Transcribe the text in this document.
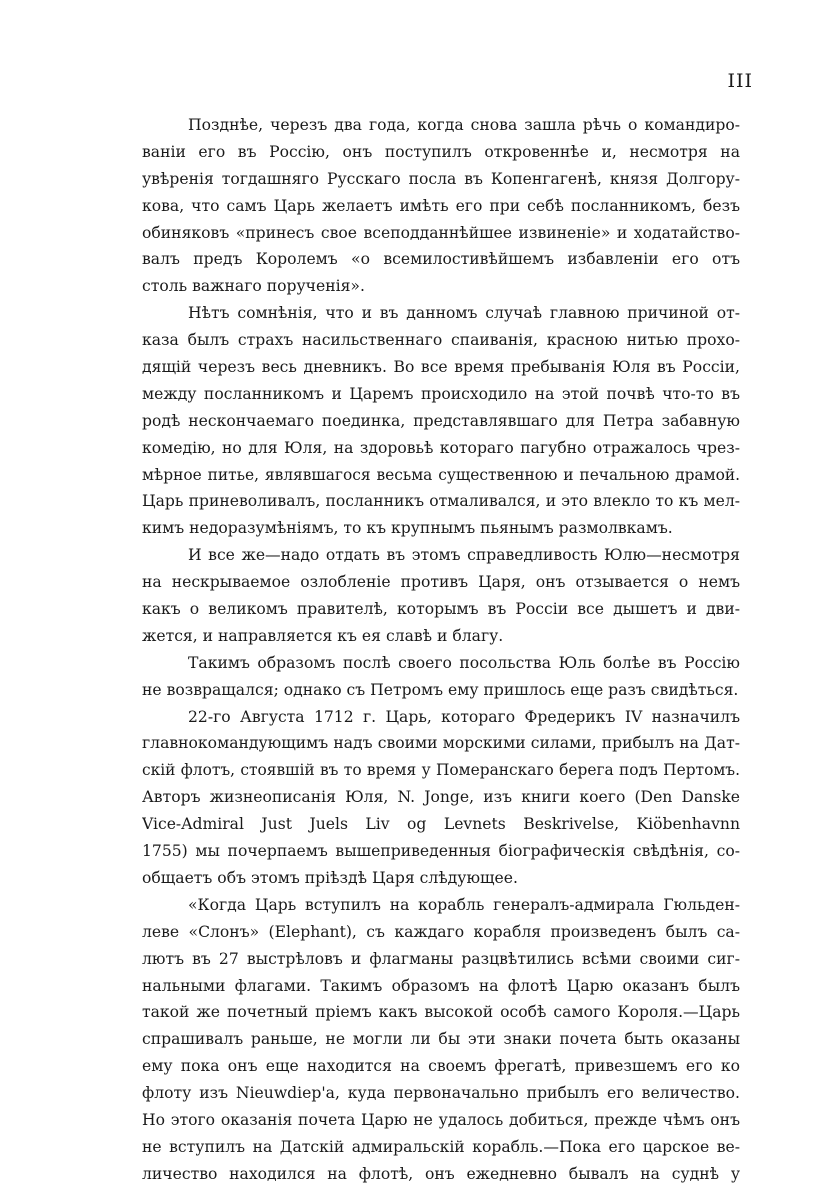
III
Позднѣе, черезъ два года, когда снова зашла рѣчь о командиро-
ваніи его въ Россію, онъ поступилъ откровеннѣе и, несмотря на
увѣренія тогдашняго Русскаго посла въ Копенгагенѣ, князя Долгору-
кова, что самъ Царь желаетъ имѣть его при себѣ посланникомъ, безъ
обиняковъ «принесъ свое всеподданнѣйшее извиненіе» и ходатайство-
валъ предъ Королемъ «о всемилостивѣйшемъ избавленіи его отъ
столь важнаго порученія».
Нѣтъ сомнѣнія, что и въ данномъ случаѣ главною причиной от-
каза былъ страхъ насильственнаго спаиванія, красною нитью прохо-
дящій черезъ весь дневникъ. Во все время пребыванія Юля въ Россіи,
между посланникомъ и Царемъ происходило на этой почвѣ что-то въ
родѣ нескончаемаго поединка, представлявшаго для Петра забавную
комедію, но для Юля, на здоровьѣ котораго пагубно отражалось чрез-
мѣрное питье, являвшагося весьма существенною и печальною драмой.
Царь приневоливалъ, посланникъ отмаливался, и это влекло то къ мел-
кимъ недоразумѣніямъ, то къ крупнымъ пьянымъ размолвкамъ.
И все же—надо отдать въ этомъ справедливость Юлю—несмотря
на нескрываемое озлобленіе противъ Царя, онъ отзывается о немъ
какъ о великомъ правителѣ, которымъ въ Россіи все дышетъ и дви-
жется, и направляется къ ея славѣ и благу.
Такимъ образомъ послѣ своего посольства Юль болѣе въ Россію
не возвращался; однако съ Петромъ ему пришлось еще разъ свидѣться.
22-го Августа 1712 г. Царь, котораго Фредерикъ IV назначилъ
главнокомандующимъ надъ своими морскими силами, прибылъ на Дат-
скій флотъ, стоявшій въ то время у Померанскаго берега подъ Пертомъ.
Авторъ жизнеописанія Юля, N. Jonge, изъ книги коего (Den Danske
Vice-Admiral Just Juels Liv og Levnets Beskrivelse, Kiöbenhavnn
1755) мы почерпаемъ вышеприведенныя біографическія свѣдѣнія, со-
общаетъ объ этомъ пріѣздѣ Царя слѣдующее.
«Когда Царь вступилъ на корабль генералъ-адмирала Гюльден-
леве «Слонъ» (Elephant), съ каждаго корабля произведенъ былъ са-
лютъ въ 27 выстрѣловъ и флагманы разцвѣтились всѣми своими сиг-
нальными флагами. Такимъ образомъ на флотѣ Царю оказанъ былъ
такой же почетный пріемъ какъ высокой особѣ самого Короля.—Царь
спрашивалъ раньше, не могли ли бы эти знаки почета быть оказаны
ему пока онъ еще находится на своемъ фрегатѣ, привезшемъ его ко
флоту изъ Nieuwdiep'а, куда первоначально прибылъ его величество.
Но этого оказанія почета Царю не удалось добиться, прежде чѣмъ онъ
не вступилъ на Датскій адмиральскій корабль.—Пока его царское ве-
личество находился на флотѣ, онъ ежедневно бывалъ на суднѣ у
